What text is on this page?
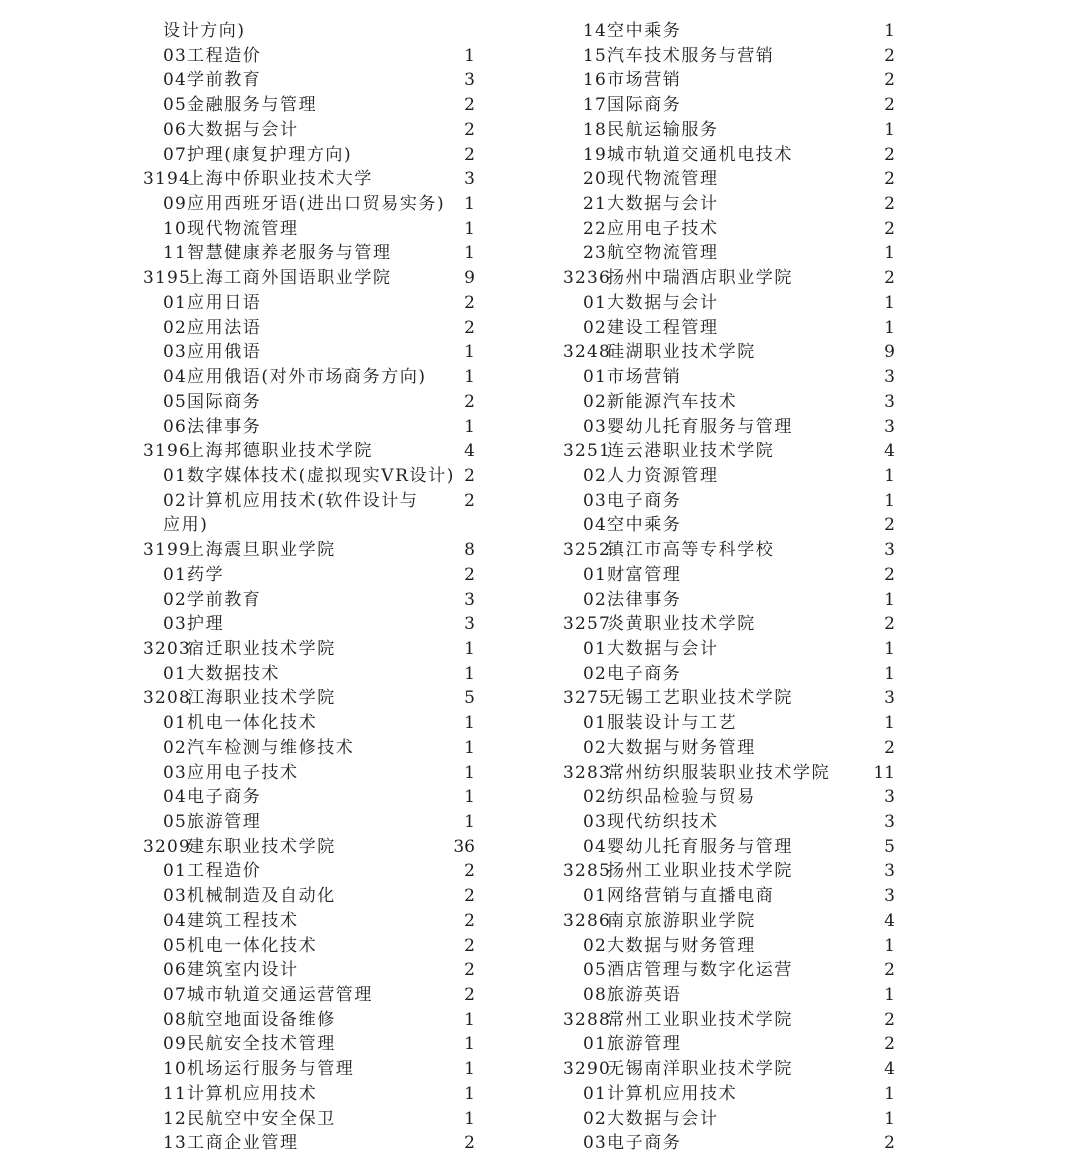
设计方向)
03工程造价	1
04学前教育	3
05金融服务与管理	2
06大数据与会计	2
07护理(康复护理方向)	2
3194上海中侨职业技术大学	3
09应用西班牙语(进出口贸易实务) 1
10现代物流管理	1
11智慧健康养老服务与管理	1
3195上海工商外国语职业学院	9
01应用日语	2
02应用法语	2
03应用俄语	1
04应用俄语(对外市场商务方向) 1
05国际商务	2
06法律事务	1
3196上海邦德职业技术学院	4
01数字媒体技术(虚拟现实VR设计) 2
02计算机应用技术(软件设计与	2
应用)
3199上海震旦职业学院	8
01药学	2
02学前教育	3
03护理	3
3203宿迁职业技术学院	1
01大数据技术	1
3208江海职业技术学院	5
01机电一体化技术	1
02汽车检测与维修技术	1
03应用电子技术	1
04电子商务	1
05旅游管理	1
3209建东职业技术学院	36
01工程造价	2
03机械制造及自动化	2
04建筑工程技术	2
05机电一体化技术	2
06建筑室内设计	2
07城市轨道交通运营管理	2
08航空地面设备维修	1
09民航安全技术管理	1
10机场运行服务与管理	1
11计算机应用技术	1
12民航空中安全保卫	1
13工商企业管理	2
14空中乘务	1
15汽车技术服务与营销	2
16市场营销	2
17国际商务	2
18民航运输服务	1
19城市轨道交通机电技术	2
20现代物流管理	2
21大数据与会计	2
22应用电子技术	2
23航空物流管理	1
3236扬州中瑞酒店职业学院	2
01大数据与会计	1
02建设工程管理	1
3248硅湖职业技术学院	9
01市场营销	3
02新能源汽车技术	3
03婴幼儿托育服务与管理	3
3251连云港职业技术学院	4
02人力资源管理	1
03电子商务	1
04空中乘务	2
3252镇江市高等专科学校	3
01财富管理	2
02法律事务	1
3257炎黄职业技术学院	2
01大数据与会计	1
02电子商务	1
3275无锡工艺职业技术学院	3
01服装设计与工艺	1
02大数据与财务管理	2
3283常州纺织服装职业技术学院	11
02纺织品检验与贸易	3
03现代纺织技术	3
04婴幼儿托育服务与管理	5
3285扬州工业职业技术学院	3
01网络营销与直播电商	3
3286南京旅游职业学院	4
02大数据与财务管理	1
05酒店管理与数字化运营	2
08旅游英语	1
3288常州工业职业技术学院	2
01旅游管理	2
3290无锡南洋职业技术学院	4
01计算机应用技术	1
02大数据与会计	1
03电子商务	2
